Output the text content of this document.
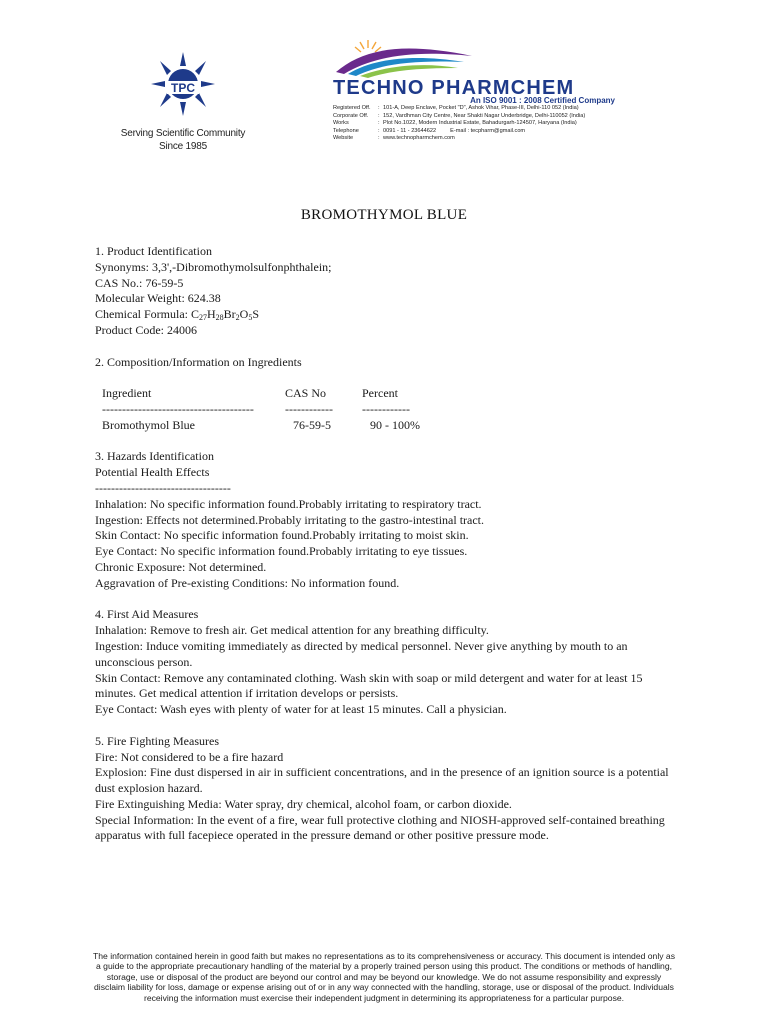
TPC
Serving Scientific Community
Since 1985
TECHNO PHARMCHEM
An ISO 9001 : 2008 Certified Company
Registered Off.	: 101-A, Deep Enclave, Pocket "D", Ashok Vihar, Phase-III, Delhi-110 052 (India)
Corporate Off.	: 152, Vardhman City Centre, Near Shakti Nagar Underbridge, Delhi-110052 (India)
Works	: Plot No.1022, Modern Industrial Estate, Bahadurgarh-124507, Haryana (India)
Telephone	: 0091 - 11 - 23644622	E-mail : tecpharm@gmail.com
Website	: www.technopharmchem.com
BROMOTHYMOL BLUE
1. Product Identification
Synonyms: 3,3',-Dibromothymolsulfonphthalein;
CAS No.: 76-59-5
Molecular Weight: 624.38
Chemical Formula: $C_{27}H_{28}Br_2O_5S$
Product Code: 24006
2. Composition/Information on Ingredients
Ingredient	CAS No	Percent
--------------------------------------	------------	------------
Bromothymol Blue	76-59-5	90 - 100%
3. Hazards Identification
Potential Health Effects
----------------------------------
Inhalation: No specific information found.Probably irritating to respiratory tract.
Ingestion: Effects not determined.Probably irritating to the gastro-intestinal tract.
Skin Contact: No specific information found.Probably irritating to moist skin.
Eye Contact: No specific information found.Probably irritating to eye tissues.
Chronic Exposure: Not determined.
Aggravation of Pre-existing Conditions: No information found.
4. First Aid Measures
Inhalation: Remove to fresh air. Get medical attention for any breathing difficulty.
Ingestion: Induce vomiting immediately as directed by medical personnel. Never give anything by mouth to an unconscious person.
Skin Contact: Remove any contaminated clothing. Wash skin with soap or mild detergent and water for at least 15 minutes. Get medical attention if irritation develops or persists.
Eye Contact: Wash eyes with plenty of water for at least 15 minutes. Call a physician.
5. Fire Fighting Measures
Fire: Not considered to be a fire hazard
Explosion: Fine dust dispersed in air in sufficient concentrations, and in the presence of an ignition source is a potential dust explosion hazard.
Fire Extinguishing Media: Water spray, dry chemical, alcohol foam, or carbon dioxide.
Special Information: In the event of a fire, wear full protective clothing and NIOSH-approved self-contained breathing apparatus with full facepiece operated in the pressure demand or other positive pressure mode.
The information contained herein in good faith but makes no representations as to its comprehensiveness or accuracy. This document is intended only as a guide to the appropriate precautionary handling of the material by a properly trained person using this product. The conditions or methods of handling, storage, use or disposal of the product are beyond our control and may be beyond our knowledge. We do not assume responsibility and expressly disclaim liability for loss, damage or expense arising out of or in any way connected with the handling, storage, use or disposal of the product. Individuals receiving the information must exercise their independent judgment in determining its appropriateness for a particular purpose.
